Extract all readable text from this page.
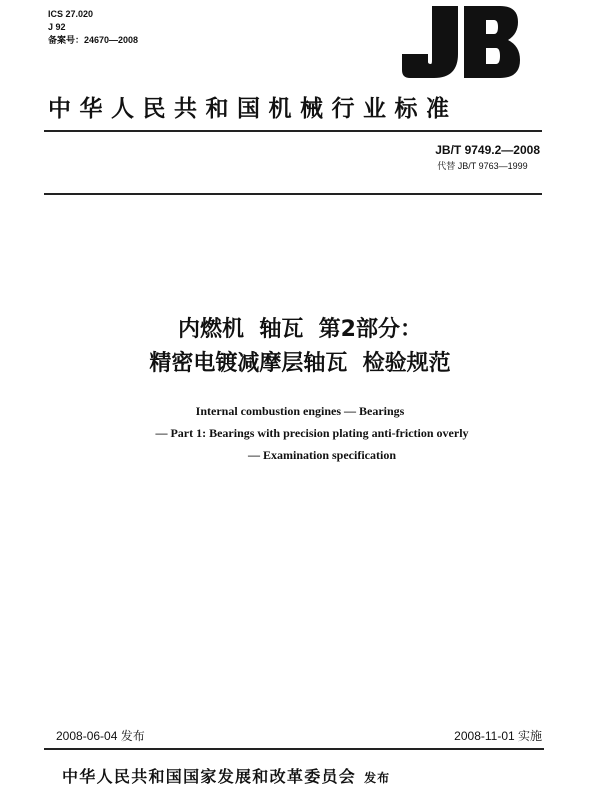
ICS 27.020
J 92
备案号：24670—2008
中华人民共和国机械行业标准
JB/T 9749.2—2008
代替 JB/T 9763—1999
内燃机  轴瓦  第2部分：
精密电镀减摩层轴瓦  检验规范
Internal combustion engines — Bearings
— Part 1: Bearings with precision plating anti-friction overly
— Examination specification
2008-06-04 发布	2008-11-01 实施
中华人民共和国国家发展和改革委员会 发布
